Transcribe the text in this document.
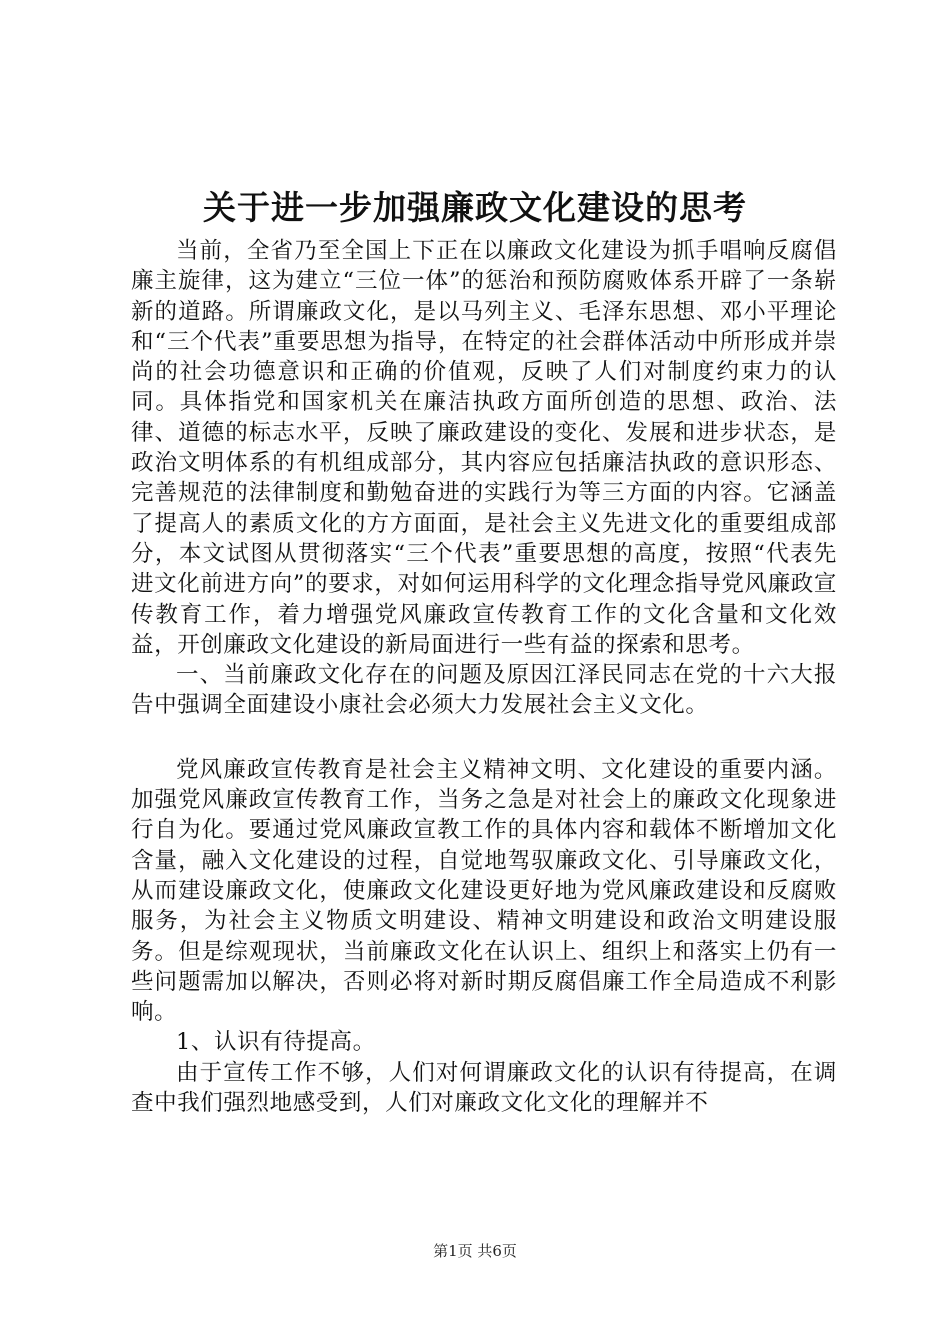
关于进一步加强廉政文化建设的思考

当前，全省乃至全国上下正在以廉政文化建设为抓手唱响反腐倡廉主旋律，这为建立“三位一体”的惩治和预防腐败体系开辟了一条崭新的道路。所谓廉政文化，是以马列主义、毛泽东思想、邓小平理论和“三个代表”重要思想为指导，在特定的社会群体活动中所形成并崇尚的社会功德意识和正确的价值观，反映了人们对制度约束力的认同。具体指党和国家机关在廉洁执政方面所创造的思想、政治、法律、道德的标志水平，反映了廉政建设的变化、发展和进步状态，是政治文明体系的有机组成部分，其内容应包括廉洁执政的意识形态、完善规范的法律制度和勤勉奋进的实践行为等三方面的内容。它涵盖了提高人的素质文化的方方面面，是社会主义先进文化的重要组成部分，本文试图从贯彻落实“三个代表”重要思想的高度，按照“代表先进文化前进方向”的要求，对如何运用科学的文化理念指导党风廉政宣传教育工作，着力增强党风廉政宣传教育工作的文化含量和文化效益，开创廉政文化建设的新局面进行一些有益的探索和思考。

一、当前廉政文化存在的问题及原因江泽民同志在党的十六大报告中强调全面建设小康社会必须大力发展社会主义文化。

党风廉政宣传教育是社会主义精神文明、文化建设的重要内涵。加强党风廉政宣传教育工作，当务之急是对社会上的廉政文化现象进行自为化。要通过党风廉政宣教工作的具体内容和载体不断增加文化含量，融入文化建设的过程，自觉地驾驭廉政文化、引导廉政文化，从而建设廉政文化，使廉政文化建设更好地为党风廉政建设和反腐败服务，为社会主义物质文明建设、精神文明建设和政治文明建设服务。但是综观现状，当前廉政文化在认识上、组织上和落实上仍有一些问题需加以解决，否则必将对新时期反腐倡廉工作全局造成不利影响。

1、认识有待提高。

由于宣传工作不够，人们对何谓廉政文化的认识有待提高，在调查中我们强烈地感受到，人们对廉政文化文化的理解并不

第1页 共6页
